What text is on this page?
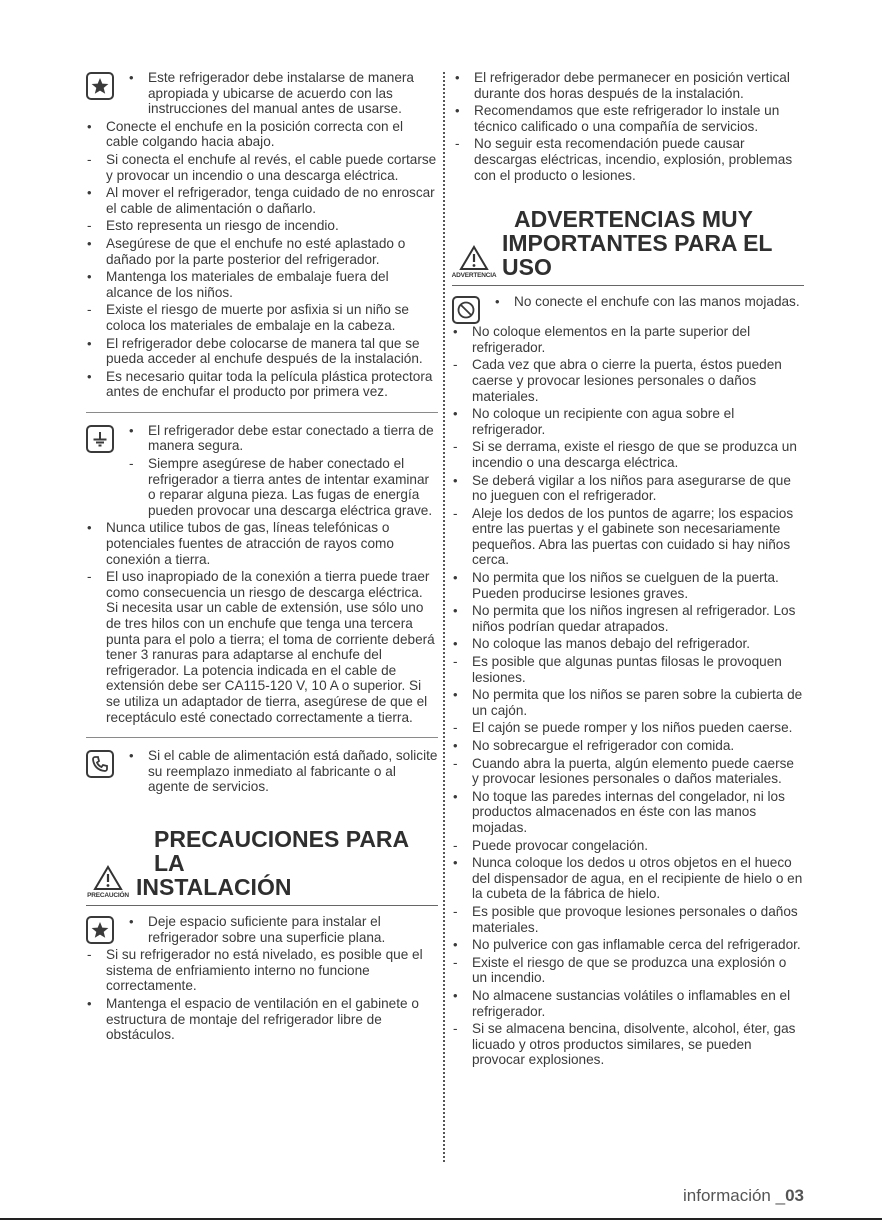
•
Este refrigerador debe instalarse de manera apropiada y ubicarse de acuerdo con las instrucciones del manual antes de usarse.
•
Conecte el enchufe en la posición correcta con el cable colgando hacia abajo.
-
Si conecta el enchufe al revés, el cable puede cortarse y provocar un incendio o una descarga eléctrica.
•
Al mover el refrigerador, tenga cuidado de no enroscar el cable de alimentación o dañarlo.
-
Esto representa un riesgo de incendio.
•
Asegúrese de que el enchufe no esté aplastado o dañado por la parte posterior del refrigerador.
•
Mantenga los materiales de embalaje fuera del alcance de los niños.
-
Existe el riesgo de muerte por asfixia si un niño se coloca los materiales de embalaje en la cabeza.
•
El refrigerador debe colocarse de manera tal que se pueda acceder al enchufe después de la instalación.
•
Es necesario quitar toda la película plástica protectora antes de enchufar el producto por primera vez.
•
El refrigerador debe estar conectado a tierra de manera segura.
-
Siempre asegúrese de haber conectado el refrigerador a tierra antes de intentar examinar o reparar alguna pieza. Las fugas de energía pueden provocar una descarga eléctrica grave.
•
Nunca utilice tubos de gas, líneas telefónicas o potenciales fuentes de atracción de rayos como conexión a tierra.
-
El uso inapropiado de la conexión a tierra puede traer como consecuencia un riesgo de descarga eléctrica. Si necesita usar un cable de extensión, use sólo uno de tres hilos con un enchufe que tenga una tercera punta para el polo a tierra; el toma de corriente deberá tener 3 ranuras para adaptarse al enchufe del refrigerador. La potencia indicada en el cable de extensión debe ser CA115-120 V, 10 A o superior. Si se utiliza un adaptador de tierra, asegúrese de que el receptáculo esté conectado correctamente a tierra.
•
Si el cable de alimentación está dañado, solicite su reemplazo inmediato al fabricante o al agente de servicios.
PRECAUCIÓN
PRECAUCIONES PARA LA
INSTALACIÓN
•
Deje espacio suficiente para instalar el refrigerador sobre una superficie plana.
-
Si su refrigerador no está nivelado, es posible que el sistema de enfriamiento interno no funcione correctamente.
•
Mantenga el espacio de ventilación en el gabinete o estructura de montaje del refrigerador libre de obstáculos.
•
El refrigerador debe permanecer en posición vertical durante dos horas después de la instalación.
•
Recomendamos que este refrigerador lo instale un técnico calificado o una compañía de servicios.
-
No seguir esta recomendación puede causar descargas eléctricas, incendio, explosión, problemas con el producto o lesiones.
ADVERTENCIA
ADVERTENCIAS MUY
IMPORTANTES PARA EL USO
•
No conecte el enchufe con las manos mojadas.
•
No coloque elementos en la parte superior del refrigerador.
-
Cada vez que abra o cierre la puerta, éstos pueden caerse y provocar lesiones personales o daños materiales.
•
No coloque un recipiente con agua sobre el refrigerador.
-
Si se derrama, existe el riesgo de que se produzca un incendio o una descarga eléctrica.
•
Se deberá vigilar a los niños para asegurarse de que no jueguen con el refrigerador.
-
Aleje los dedos de los puntos de agarre; los espacios entre las puertas y el gabinete son necesariamente pequeños. Abra las puertas con cuidado si hay niños cerca.
•
No permita que los niños se cuelguen de la puerta. Pueden producirse lesiones graves.
•
No permita que los niños ingresen al refrigerador. Los niños podrían quedar atrapados.
•
No coloque las manos debajo del refrigerador.
-
Es posible que algunas puntas filosas le provoquen lesiones.
•
No permita que los niños se paren sobre la cubierta de un cajón.
-
El cajón se puede romper y los niños pueden caerse.
•
No sobrecargue el refrigerador con comida.
-
Cuando abra la puerta, algún elemento puede caerse y provocar lesiones personales o daños materiales.
•
No toque las paredes internas del congelador, ni los productos almacenados en éste con las manos mojadas.
-
Puede provocar congelación.
•
Nunca coloque los dedos u otros objetos en el hueco del dispensador de agua, en el recipiente de hielo o en la cubeta de la fábrica de hielo.
-
Es posible que provoque lesiones personales o daños materiales.
•
No pulverice con gas inflamable cerca del refrigerador.
-
Existe el riesgo de que se produzca una explosión o un incendio.
•
No almacene sustancias volátiles o inflamables en el refrigerador.
-
Si se almacena bencina, disolvente, alcohol, éter, gas licuado y otros productos similares, se pueden provocar explosiones.
información _03
